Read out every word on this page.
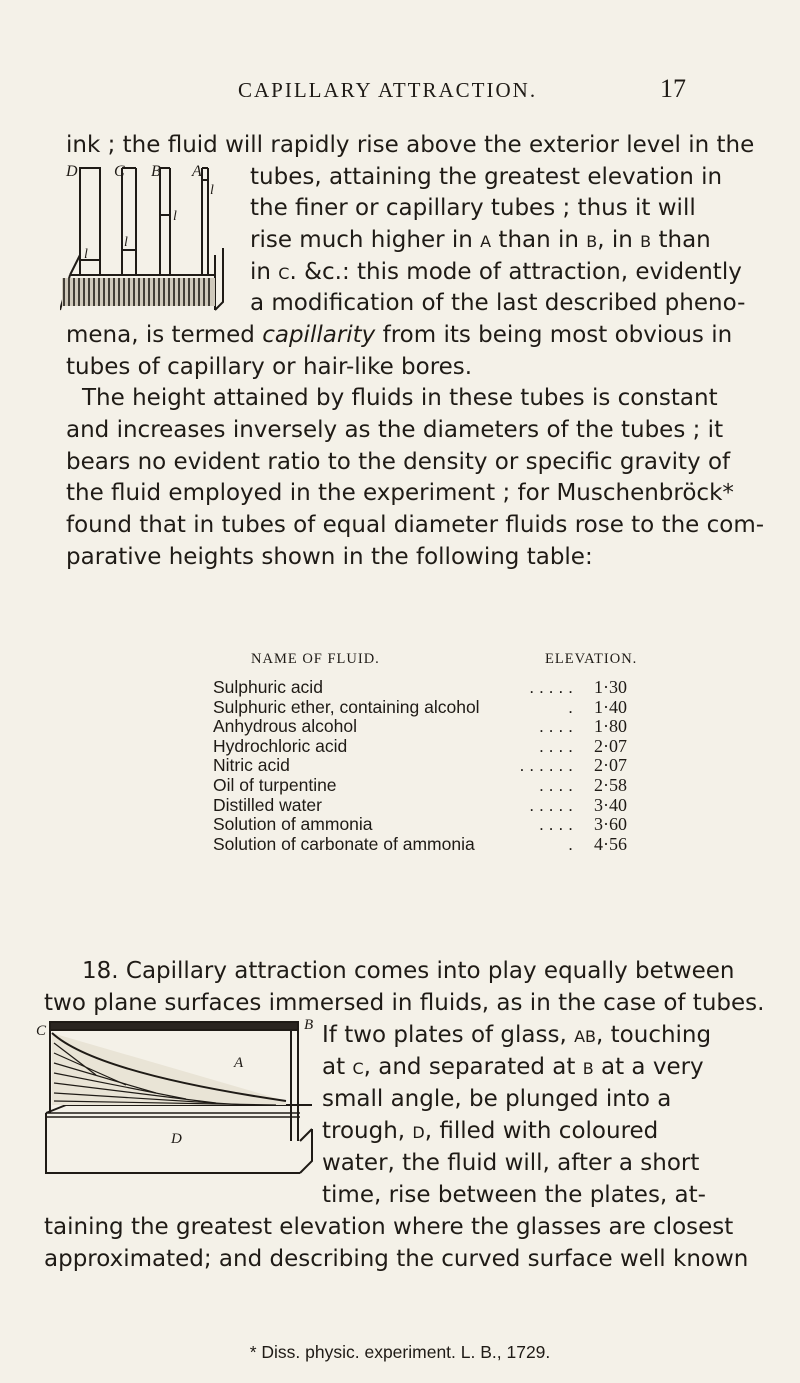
CAPILLARY ATTRACTION.	17
ink ; the fluid will rapidly rise above the exterior level in the
tubes, attaining the greatest elevation in
the finer or capillary tubes ; thus it will
rise much higher in a than in b, in b than
in c. &c.: this mode of attraction, evidently
a modification of the last described pheno-
mena, is termed capillarity from its being most obvious in
tubes of capillary or hair-like bores.
D C B A
l
l
l
l
The height attained by fluids in these tubes is constant
and increases inversely as the diameters of the tubes ; it
bears no evident ratio to the density or specific gravity of
the fluid employed in the experiment ; for Muschenbröck*
found that in tubes of equal diameter fluids rose to the com-
parative heights shown in the following table:
NAME OF FLUID.	ELEVATION.
Sulphuric acid	. . . . . 1·30
Sulphuric ether, containing alcohol	. 1·40
Anhydrous alcohol	. . . . 1·80
Hydrochloric acid	. . . . 2·07
Nitric acid	. . . . . . 2·07
Oil of turpentine	. . . . 2·58
Distilled water	. . . . . 3·40
Solution of ammonia	. . . . 3·60
Solution of carbonate of ammonia	. 4·56
18. Capillary attraction comes into play equally between
two plane surfaces immersed in fluids, as in the case of tubes.
If two plates of glass, ab, touching
at c, and separated at b at a very
small angle, be plunged into a
trough, d, filled with coloured
water, the fluid will, after a short
time, rise between the plates, at-
taining the greatest elevation where the glasses are closest
approximated; and describing the curved surface well known
C	B
A
D
* Diss. physic. experiment. L. B., 1729.
